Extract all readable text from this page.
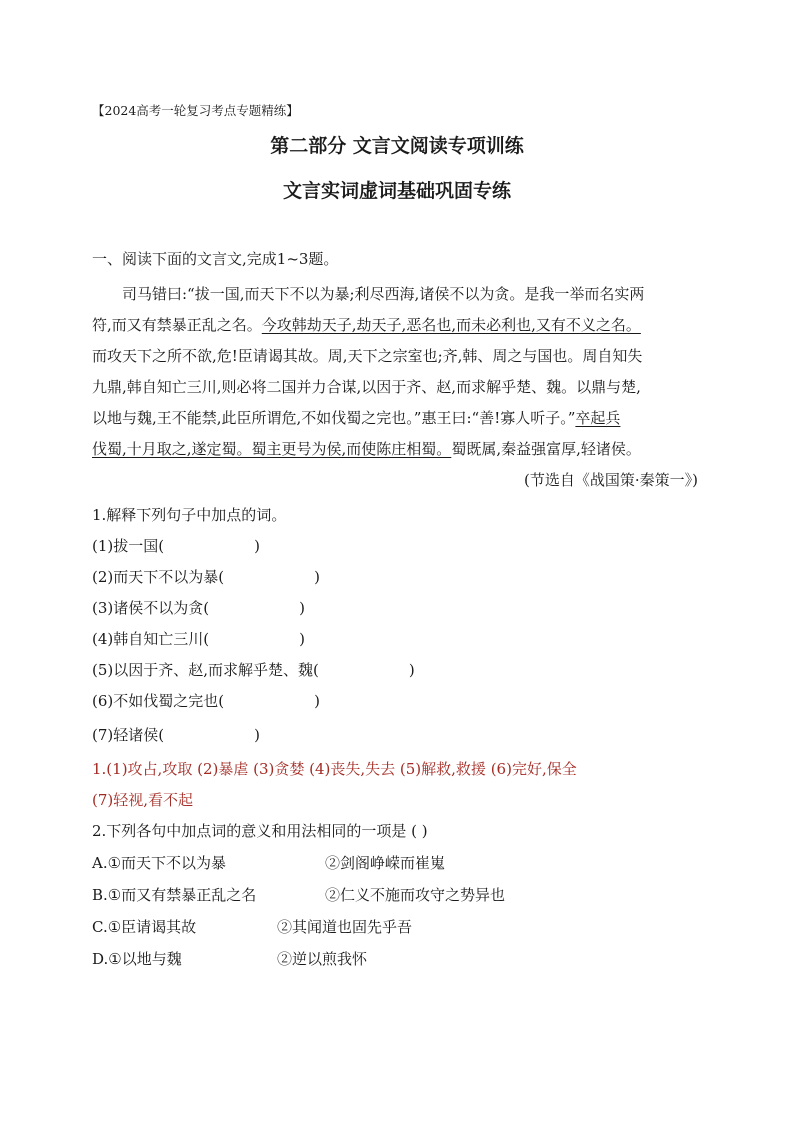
【2024高考一轮复习考点专题精练】
第二部分 文言文阅读专项训练
文言实词虚词基础巩固专练
一、阅读下面的文言文,完成1~3题。
司马错曰:“拔一国,而天下不以为暴;利尽西海,诸侯不以为贪。是我一举而名实两
符,而又有禁暴正乱之名。今攻韩劫天子,劫天子,恶名也,而未必利也,又有不义之名。
而攻天下之所不欲,危!臣请谒其故。周,天下之宗室也;齐,韩、周之与国也。周自知失
九鼎,韩自知亡三川,则必将二国并力合谋,以因于齐、赵,而求解乎楚、魏。以鼎与楚,
以地与魏,王不能禁,此臣所谓危,不如伐蜀之完也。”惠王曰:“善!寡人听子。”卒起兵
伐蜀,十月取之,遂定蜀。蜀主更号为侯,而使陈庄相蜀。蜀既属,秦益强富厚,轻诸侯。
(节选自《战国策·秦策一》)
1.解释下列句子中加点的词。
(1)拔一国(	)
(2)而天下不以为暴(	)
(3)诸侯不以为贪(	)
(4)韩自知亡三川(	)
(5)以因于齐、赵,而求解乎楚、魏(	)
(6)不如伐蜀之完也(	)
(7)轻诸侯(	)
1.(1)攻占,攻取 (2)暴虐 (3)贪婪 (4)丧失,失去 (5)解救,救援 (6)完好,保全
(7)轻视,看不起
2.下列各句中加点词的意义和用法相同的一项是 ( )
A.①而天下不以为暴	②剑阁峥嵘而崔嵬
B.①而又有禁暴正乱之名	②仁义不施而攻守之势异也
C.①臣请谒其故	②其闻道也固先乎吾
D.①以地与魏	②逆以煎我怀
